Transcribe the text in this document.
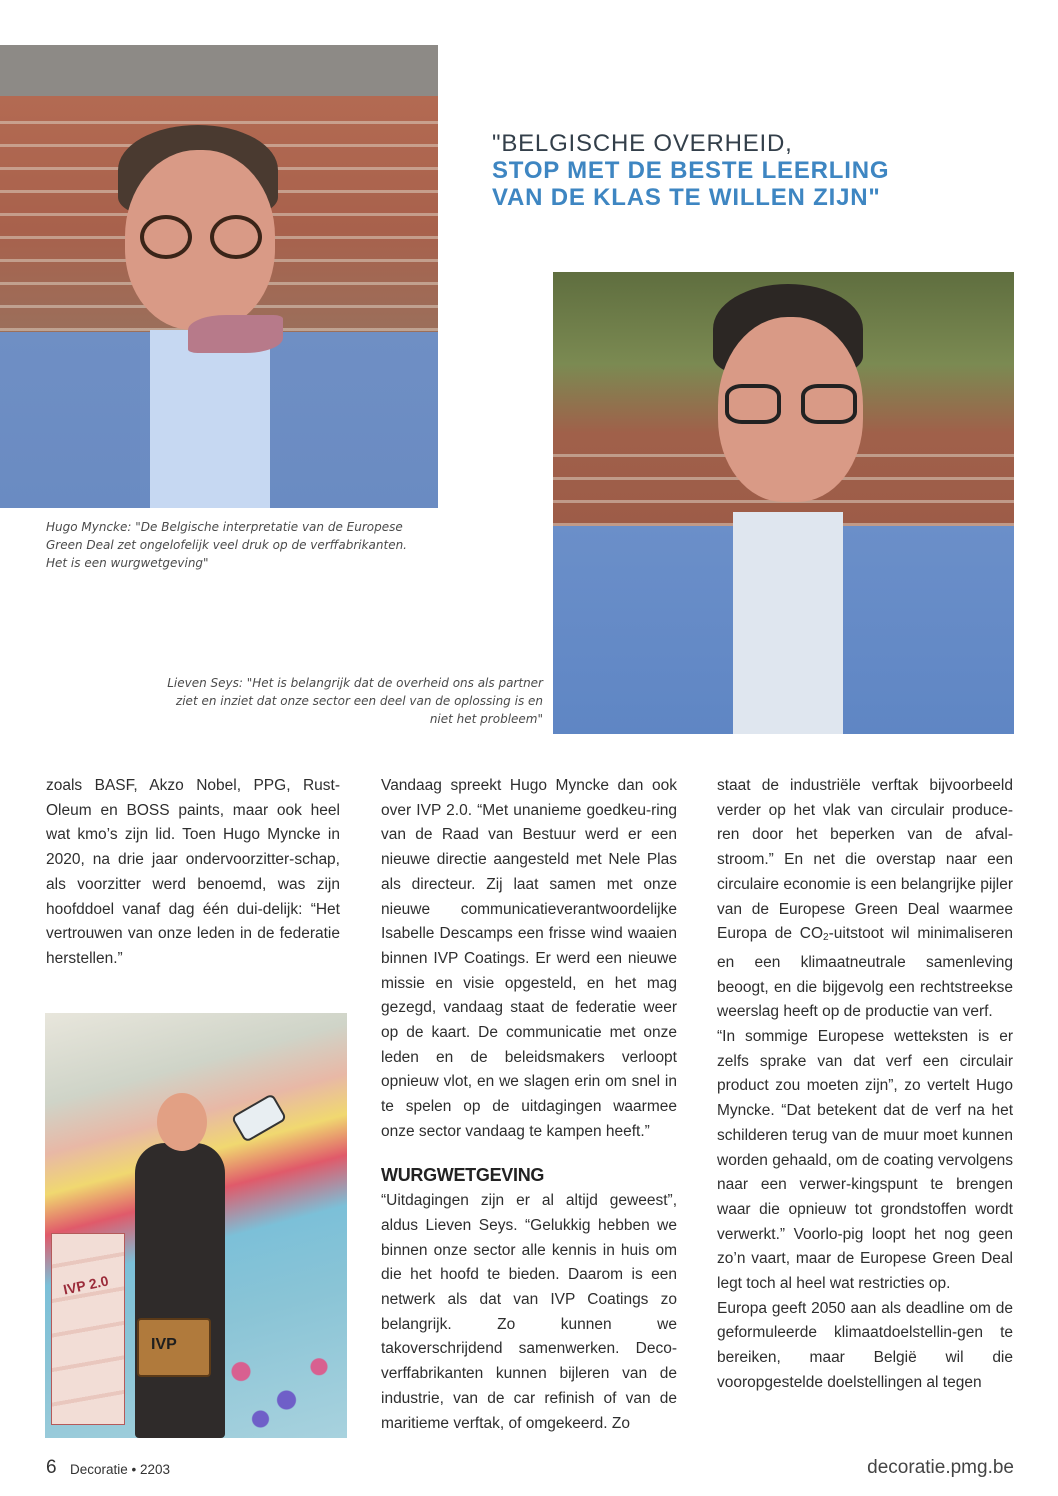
"BELGISCHE OVERHEID,
STOP MET DE BESTE LEERLING
VAN DE KLAS TE WILLEN ZIJN"
Hugo Myncke: "De Belgische interpretatie van de Europese Green Deal zet ongelofelijk veel druk op de verffabrikanten. Het is een wurgwetgeving"
Lieven Seys: "Het is belangrijk dat de overheid ons als partner ziet en inziet dat onze sector een deel van de oplossing is en niet het probleem"

zoals BASF, Akzo Nobel, PPG, Rust-Oleum en BOSS paints, maar ook heel wat kmo’s zijn lid. Toen Hugo Myncke in 2020, na drie jaar ondervoorzitter-schap, als voorzitter werd benoemd, was zijn hoofddoel vanaf dag één dui-delijk: “Het vertrouwen van onze leden in de federatie herstellen.”

IVP 2.0
IVP

Vandaag spreekt Hugo Myncke dan ook over IVP 2.0. “Met unanieme goedkeu-ring van de Raad van Bestuur werd er een nieuwe directie aangesteld met Nele Plas als directeur. Zij laat samen met onze nieuwe communicatieverantwoordelijke Isabelle Descamps een frisse wind waaien binnen IVP Coatings. Er werd een nieuwe missie en visie opgesteld, en het mag gezegd, vandaag staat de federatie weer op de kaart. De communicatie met onze leden en de beleidsmakers verloopt opnieuw vlot, en we slagen erin om snel in te spelen op de uitdagingen waarmee onze sector vandaag te kampen heeft.”

WURGWETGEVING

“Uitdagingen zijn er al altijd geweest”, aldus Lieven Seys. “Gelukkig hebben we binnen onze sector alle kennis in huis om die het hoofd te bieden. Daarom is een netwerk als dat van IVP Coatings zo belangrijk. Zo kunnen we takoverschrijdend samenwerken. Deco-verffabrikanten kunnen bijleren van de industrie, van de car refinish of van de maritieme verftak, of omgekeerd. Zo

staat de industriële verftak bijvoorbeeld verder op het vlak van circulair produce-ren door het beperken van de afval-stroom.” En net die overstap naar een circulaire economie is een belangrijke pijler van de Europese Green Deal waarmee Europa de CO2-uitstoot wil minimaliseren en een klimaatneutrale samenleving beoogt, en die bijgevolg een rechtstreekse weerslag heeft op de productie van verf.

“In sommige Europese wetteksten is er zelfs sprake van dat verf een circulair product zou moeten zijn”, zo vertelt Hugo Myncke. “Dat betekent dat de verf na het schilderen terug van de muur moet kunnen worden gehaald, om de coating vervolgens naar een verwer-kingspunt te brengen waar die opnieuw tot grondstoffen wordt verwerkt.” Voorlo-pig loopt het nog geen zo’n vaart, maar de Europese Green Deal legt toch al heel wat restricties op.

Europa geeft 2050 aan als deadline om de geformuleerde klimaatdoelstellin-gen te bereiken, maar België wil die vooropgestelde doelstellingen al tegen

6 Decoratie • 2203	decoratie.pmg.be
